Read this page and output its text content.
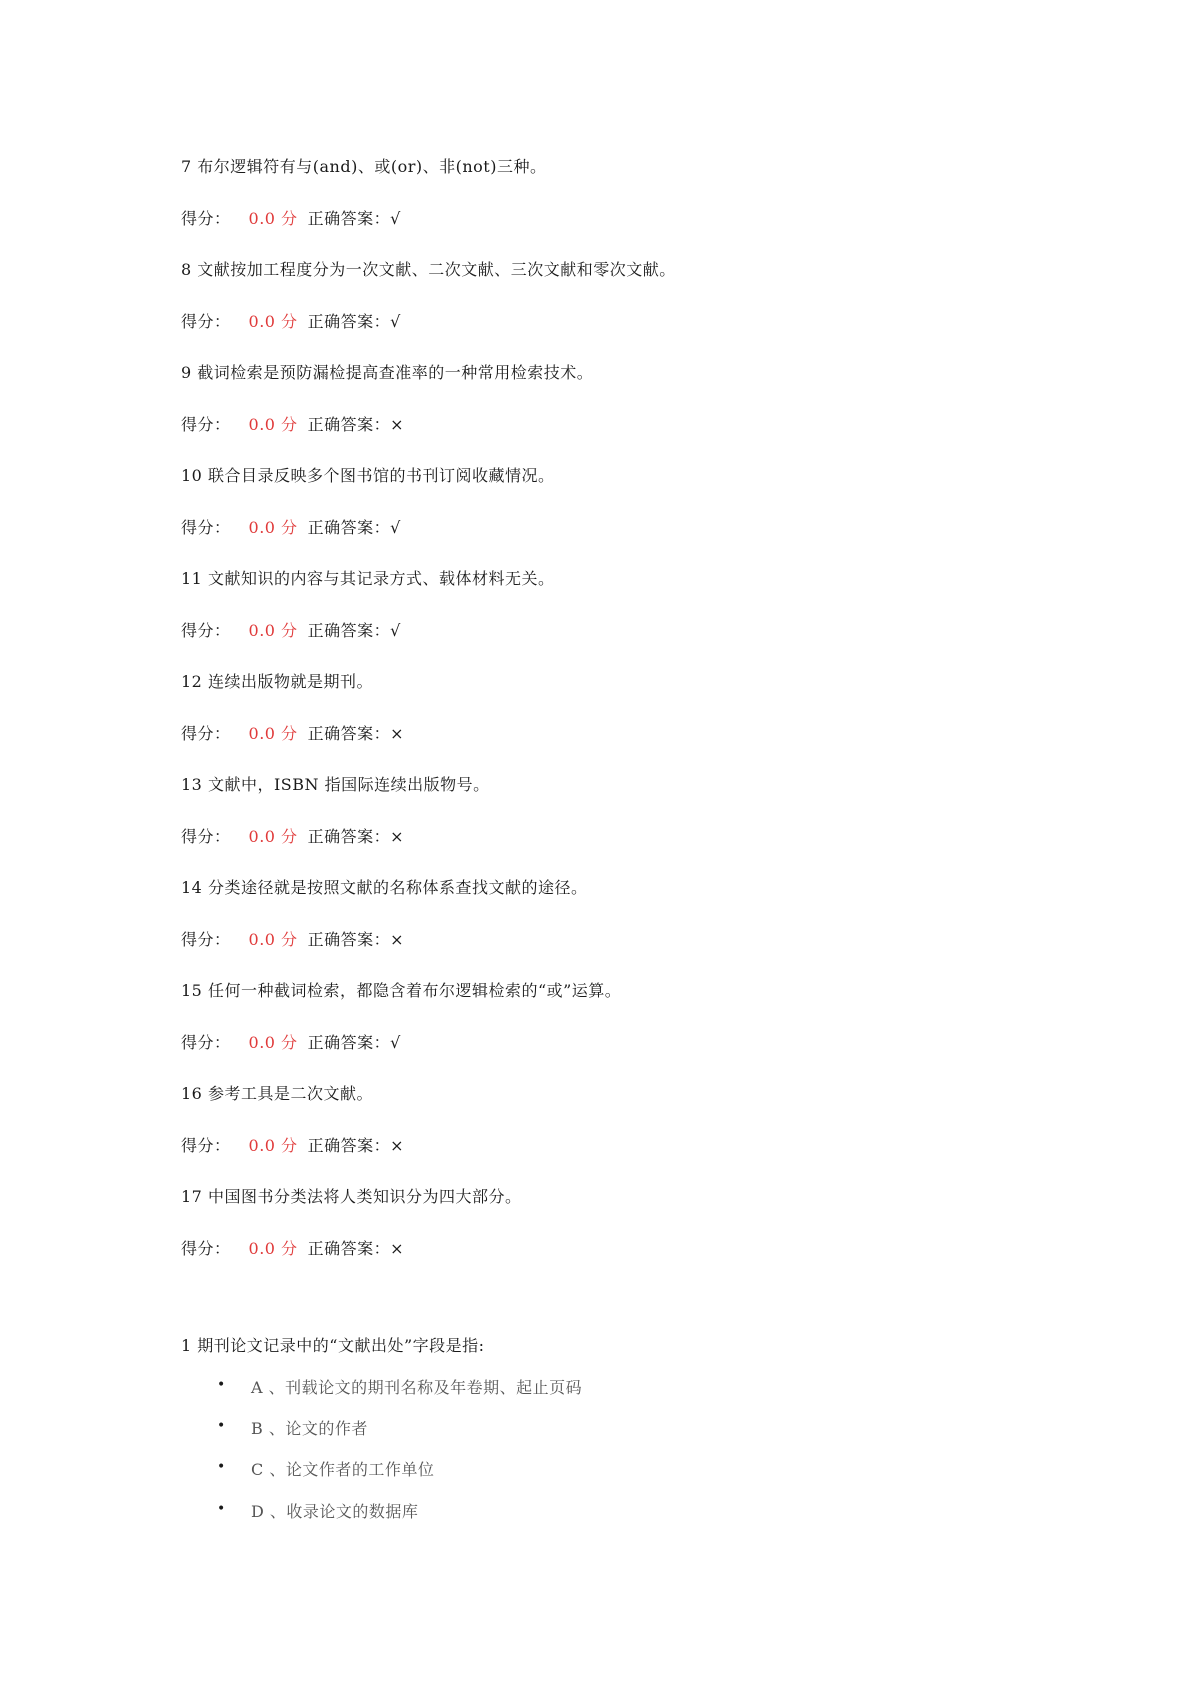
7 布尔逻辑符有与(and)、或(or)、非(not)三种。
得分： 0.0 分 正确答案：√
8 文献按加工程度分为一次文献、二次文献、三次文献和零次文献。
得分： 0.0 分 正确答案：√
9 截词检索是预防漏检提高查准率的一种常用检索技术。
得分： 0.0 分 正确答案：×
10 联合目录反映多个图书馆的书刊订阅收藏情况。
得分： 0.0 分 正确答案：√
11 文献知识的内容与其记录方式、载体材料无关。
得分： 0.0 分 正确答案：√
12 连续出版物就是期刊。
得分： 0.0 分 正确答案：×
13 文献中，ISBN 指国际连续出版物号。
得分： 0.0 分 正确答案：×
14 分类途径就是按照文献的名称体系查找文献的途径。
得分： 0.0 分 正确答案：×
15 任何一种截词检索，都隐含着布尔逻辑检索的“或”运算。
得分： 0.0 分 正确答案：√
16 参考工具是二次文献。
得分： 0.0 分 正确答案：×
17 中国图书分类法将人类知识分为四大部分。
得分： 0.0 分 正确答案：×
1 期刊论文记录中的“文献出处”字段是指:
• A 、刊载论文的期刊名称及年卷期、起止页码
• B 、论文的作者
• C 、论文作者的工作单位
• D 、收录论文的数据库
